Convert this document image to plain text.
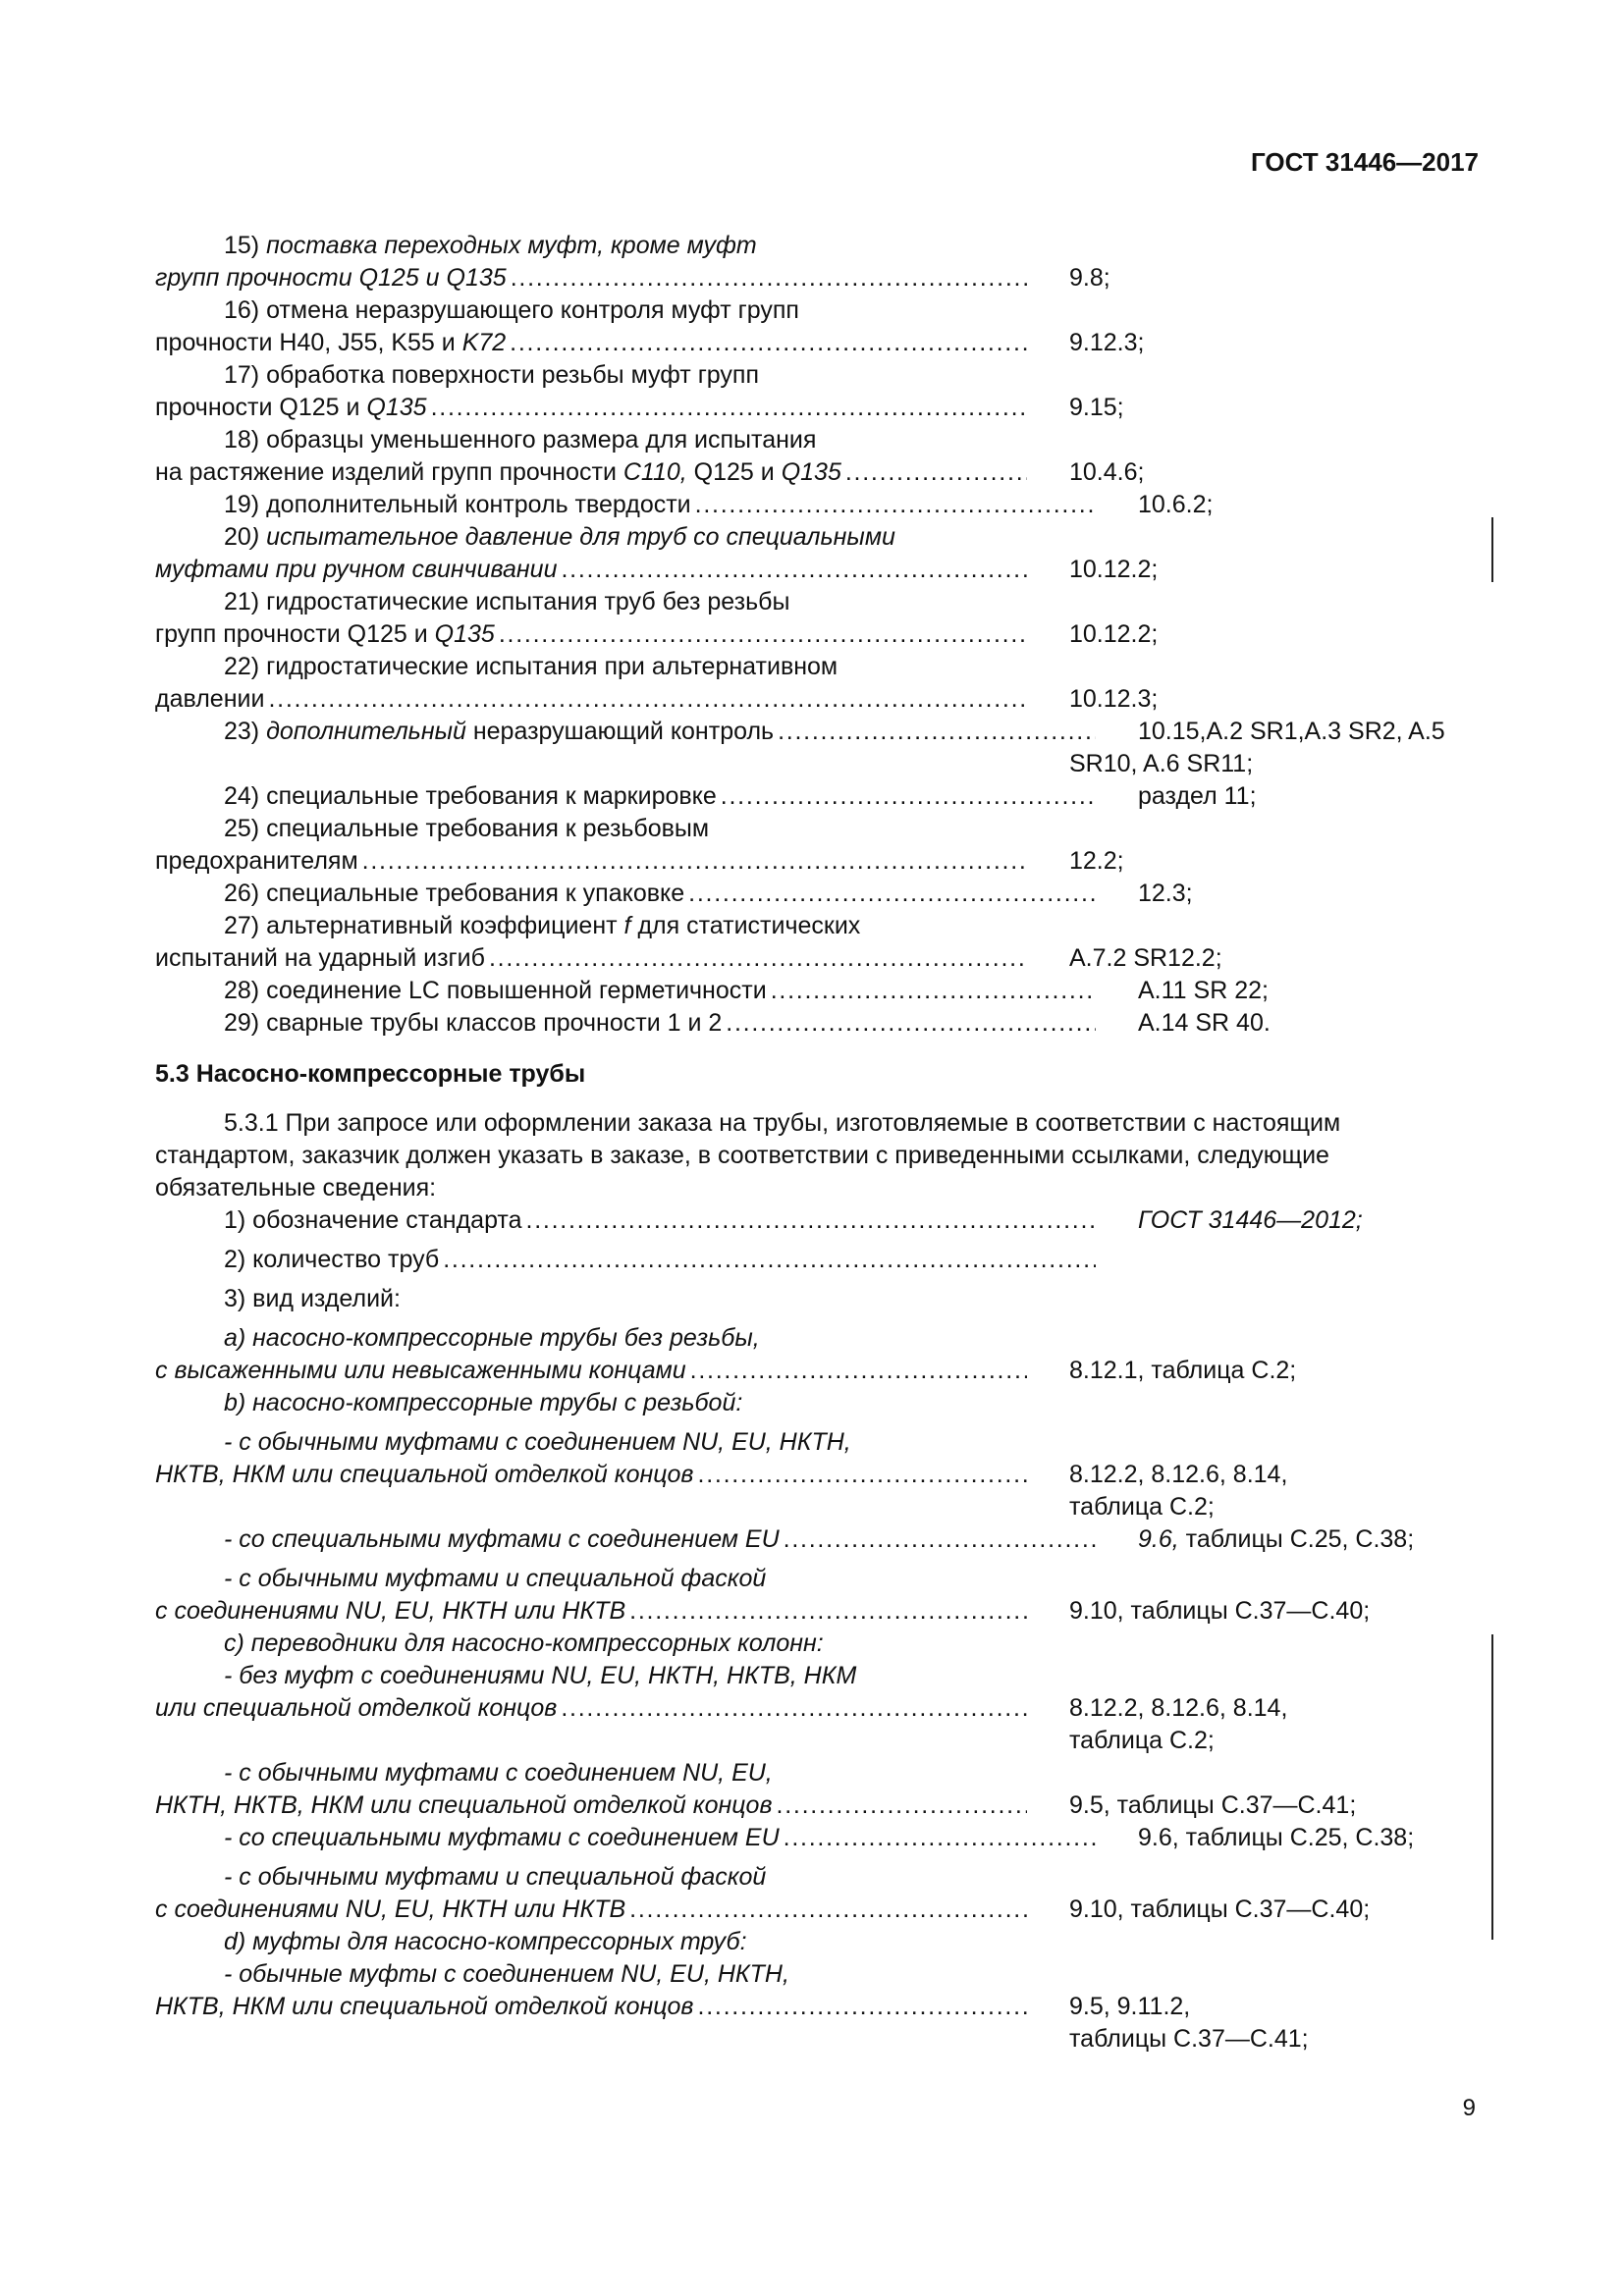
ГОСТ 31446—2017
15) поставка переходных муфт, кроме муфт
групп прочности Q125 и Q135 . . .	9.8;
16) отмена неразрушающего контроля муфт групп
прочности H40, J55, K55 и K72 . . .	9.12.3;
17) обработка поверхности резьбы муфт групп
прочности Q125 и Q135 . . .	9.15;
18) образцы уменьшенного размера для испытания
на растяжение изделий групп прочности C110, Q125 и Q135 . . .	10.4.6;
19) дополнительный контроль твердости . . .	10.6.2;
20) испытательное давление для труб со специальными
муфтами при ручном свинчивании . . .	10.12.2;
21) гидростатические испытания труб без резьбы
групп прочности Q125 и Q135 . . .	10.12.2;
22) гидростатические испытания при альтернативном
давлении . . .	10.12.3;
23) дополнительный неразрушающий контроль . . .	10.15,A.2 SR1,A.3 SR2, A.5
SR10, A.6 SR11;
24) специальные требования к маркировке . . .	раздел 11;
25) специальные требования к резьбовым
предохранителям . . .	12.2;
26) специальные требования к упаковке . . .	12.3;
27) альтернативный коэффициент f для статистических
испытаний на ударный изгиб . . .	A.7.2 SR12.2;
28) соединение LC повышенной герметичности . . .	A.11 SR 22;
29) сварные трубы классов прочности 1 и 2 . . .	A.14 SR 40.
5.3 Насосно-компрессорные трубы
5.3.1 При запросе или оформлении заказа на трубы, изготовляемые в соответствии с настоящим стандартом, заказчик должен указать в заказе, в соответствии с приведенными ссылками, следующие обязательные сведения:
1) обозначение стандарта . . .	ГОСТ 31446—2012;
2) количество труб
. . .
3) вид изделий:
a) насосно-компрессорные трубы без резьбы,
с высаженными или невысаженными концами . . .	8.12.1, таблица С.2;
b) насосно-компрессорные трубы с резьбой:
- с обычными муфтами с соединением NU, EU, НКТН,
НКТВ, НКМ или специальной отделкой концов . . .	8.12.2, 8.12.6, 8.14,
таблица С.2;
- со специальными муфтами с соединением EU . . .	9.6, таблицы С.25, С.38;
- с обычными муфтами и специальной фаской
с соединениями NU, EU, НКТН или НКТВ . . .	9.10, таблицы С.37—С.40;
c) переводники для насосно-компрессорных колонн:
- без муфт с соединениями NU, EU, НКТН, НКТВ, НКМ
или специальной отделкой концов . . .	8.12.2, 8.12.6, 8.14,
таблица С.2;
- с обычными муфтами с соединением NU, EU,
НКТН, НКТВ, НКМ или специальной отделкой концов . . .	9.5, таблицы С.37—С.41;
- со специальными муфтами с соединением EU . . .	9.6, таблицы С.25, С.38;
- с обычными муфтами и специальной фаской
с соединениями NU, EU, НКТН или НКТВ . . .	9.10, таблицы С.37—С.40;
d) муфты для насосно-компрессорных труб:
- обычные муфты с соединением NU, EU, НКТН,
НКТВ, НКМ или специальной отделкой концов . . .	9.5, 9.11.2,
таблицы С.37—С.41;
9
